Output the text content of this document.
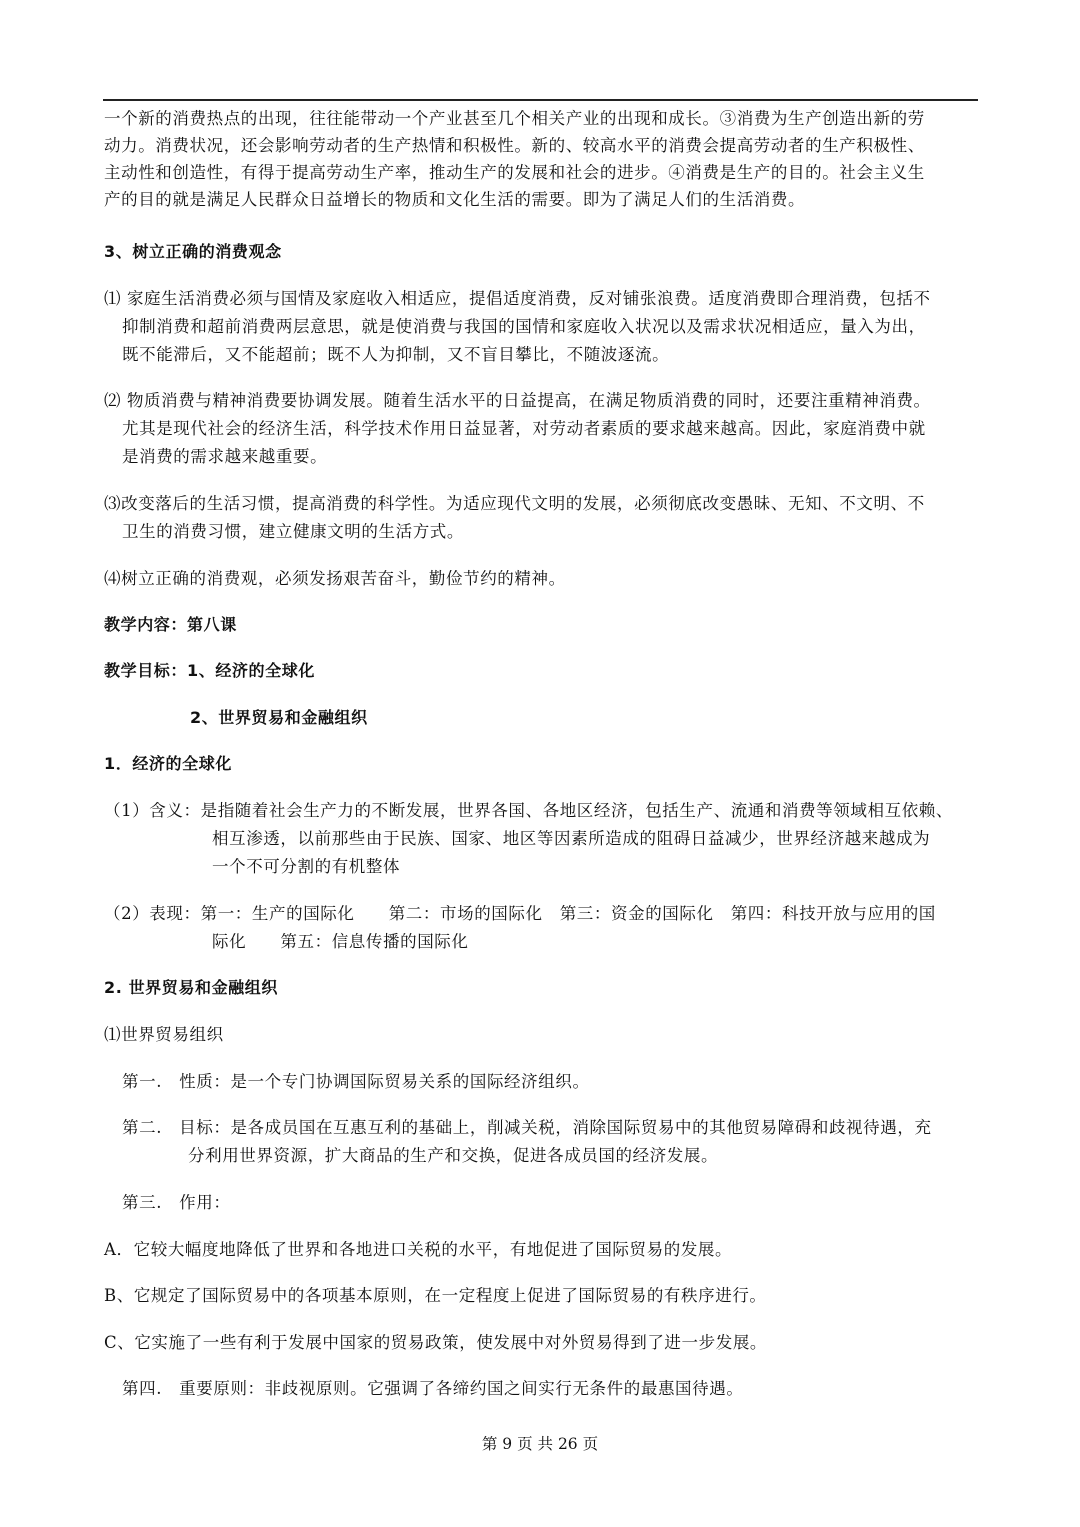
一个新的消费热点的出现，往往能带动一个产业甚至几个相关产业的出现和成长。③消费为生产创造出新的劳
动力。消费状况，还会影响劳动者的生产热情和积极性。新的、较高水平的消费会提高劳动者的生产积极性、
主动性和创造性，有得于提高劳动生产率，推动生产的发展和社会的进步。④消费是生产的目的。社会主义生
产的目的就是满足人民群众日益增长的物质和文化生活的需要。即为了满足人们的生活消费。
3、树立正确的消费观念
⑴ 家庭生活消费必须与国情及家庭收入相适应，提倡适度消费，反对铺张浪费。适度消费即合理消费，包括不
抑制消费和超前消费两层意思，就是使消费与我国的国情和家庭收入状况以及需求状况相适应，量入为出，
既不能滞后，又不能超前；既不人为抑制，又不盲目攀比，不随波逐流。
⑵ 物质消费与精神消费要协调发展。随着生活水平的日益提高，在满足物质消费的同时，还要注重精神消费。
尤其是现代社会的经济生活，科学技术作用日益显著，对劳动者素质的要求越来越高。因此，家庭消费中就
是消费的需求越来越重要。
⑶改变落后的生活习惯，提高消费的科学性。为适应现代文明的发展，必须彻底改变愚昧、无知、不文明、不
卫生的消费习惯，建立健康文明的生活方式。
⑷树立正确的消费观，必须发扬艰苦奋斗，勤俭节约的精神。
教学内容：第八课
教学目标：1、经济的全球化
2、世界贸易和金融组织
1．经济的全球化
（1）含义：是指随着社会生产力的不断发展，世界各国、各地区经济，包括生产、流通和消费等领域相互依赖、
相互渗透，以前那些由于民族、国家、地区等因素所造成的阻碍日益减少，世界经济越来越成为
一个不可分割的有机整体
（2）表现：第一：生产的国际化　　第二：市场的国际化　第三：资金的国际化　第四：科技开放与应用的国
际化　　第五：信息传播的国际化
2. 世界贸易和金融组织
⑴世界贸易组织
第一.　性质：是一个专门协调国际贸易关系的国际经济组织。
第二.　目标：是各成员国在互惠互利的基础上，削减关税，消除国际贸易中的其他贸易障碍和歧视待遇，充
分利用世界资源，扩大商品的生产和交换，促进各成员国的经济发展。
第三.　作用：
A．它较大幅度地降低了世界和各地进口关税的水平，有地促进了国际贸易的发展。
B、它规定了国际贸易中的各项基本原则，在一定程度上促进了国际贸易的有秩序进行。
C、它实施了一些有利于发展中国家的贸易政策，使发展中对外贸易得到了进一步发展。
第四.　重要原则：非歧视原则。它强调了各缔约国之间实行无条件的最惠国待遇。
第 9 页 共 26 页
